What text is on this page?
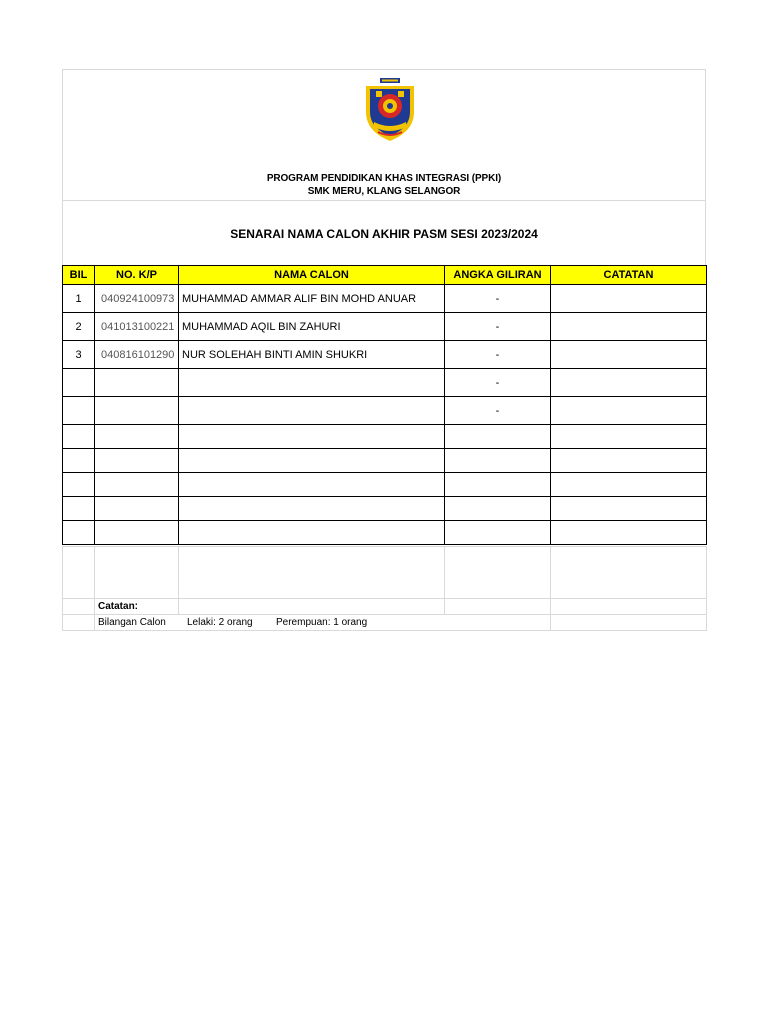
PROGRAM PENDIDIKAN KHAS INTEGRASI (PPKI)
SMK MERU, KLANG SELANGOR
SENARAI NAMA CALON AKHIR PASM SESI 2023/2024
BIL	NO. K/P	NAMA CALON	ANGKA GILIRAN	CATATAN
1	040924100973	MUHAMMAD AMMAR ALIF BIN MOHD ANUAR	-	
2	041013100221	MUHAMMAD AQIL BIN ZAHURI	-	
3	040816101290	NUR SOLEHAH BINTI AMIN SHUKRI	-	
			-	
			-	

	Catatan:			
	Bilangan Calon Lelaki: 2 orang Perempuan: 1 orang			
